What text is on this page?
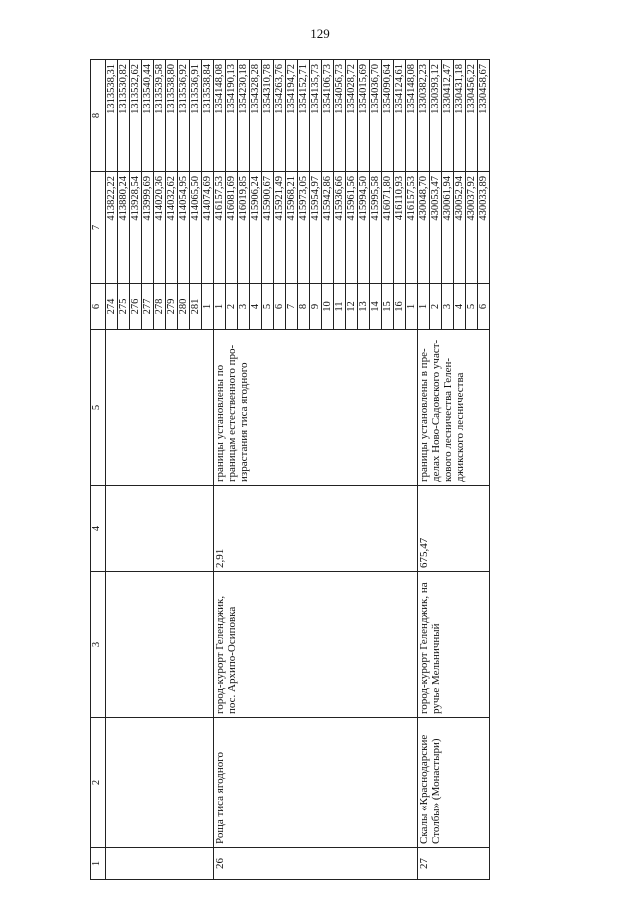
129
1	2	3	4	5	6	7	8
					274	413822,22	1313538,31
					275	413880,24	1313530,82
					276	413928,54	1313532,62
					277	413999,69	1313540,44
					278	414020,36	1313539,58
					279	414032,62	1313538,80
					280	414054,95	1313536,92
					281	414065,50	1313536,91
					1	414074,69	1313538,84
26	Роща тиса ягодного	город-курорт Геленджик, пос. Архипо-Осиповка	2,91	границы установлены по границам естественного про-израстания тиса ягодного	1	416157,53	1354148,08
					2	416081,69	1354190,13
					3	416019,85	1354230,18
					4	415906,24	1354328,28
					5	415900,67	1354310,78
					6	415921,49	1354263,76
					7	415968,21	1354194,72
					8	415973,05	1354152,71
					9	415954,97	1354135,73
					10	415942,86	1354106,73
					11	415936,66	1354056,73
					12	415961,56	1354028,72
					13	415994,50	1354015,69
					14	415995,58	1354036,70
					15	416071,80	1354090,64
					16	416110,93	1354124,61
					1	416157,53	1354148,08
27	Скалы «Краснодарские Столбы» (Монастыри)	город-курорт Геленджик, на ручье Мельничный	675,47	границы установлены в пре-делах Ново-Садовского участ-кового лесничества Гелен-джикского лесничества	1	430048,70	1330382,23
					2	430053,47	1330393,12
					3	430061,94	1330412,47
					4	430052,94	1330431,18
					5	430037,92	1330456,22
					6	430033,89	1330458,67
